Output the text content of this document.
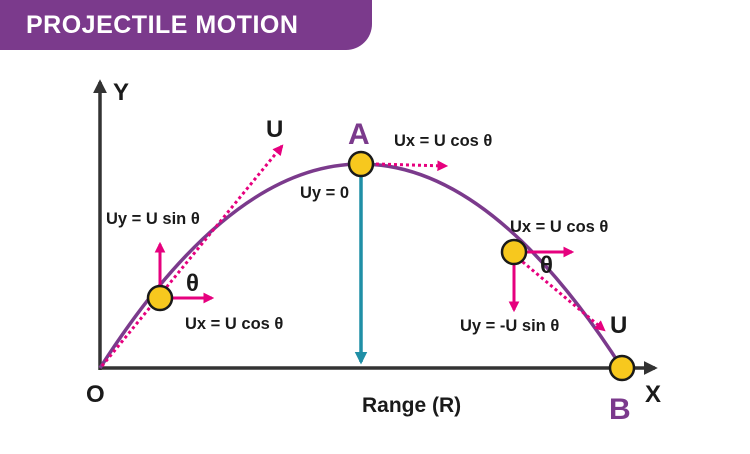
PROJECTILE MOTION
Y
X
O
A
B
U
Uy = U sin θ
Ux = U cos θ
θ
Ux = U cos θ
Uy = 0
Ux = U cos θ
Uy = -U sin θ U
θ
Range (R)
